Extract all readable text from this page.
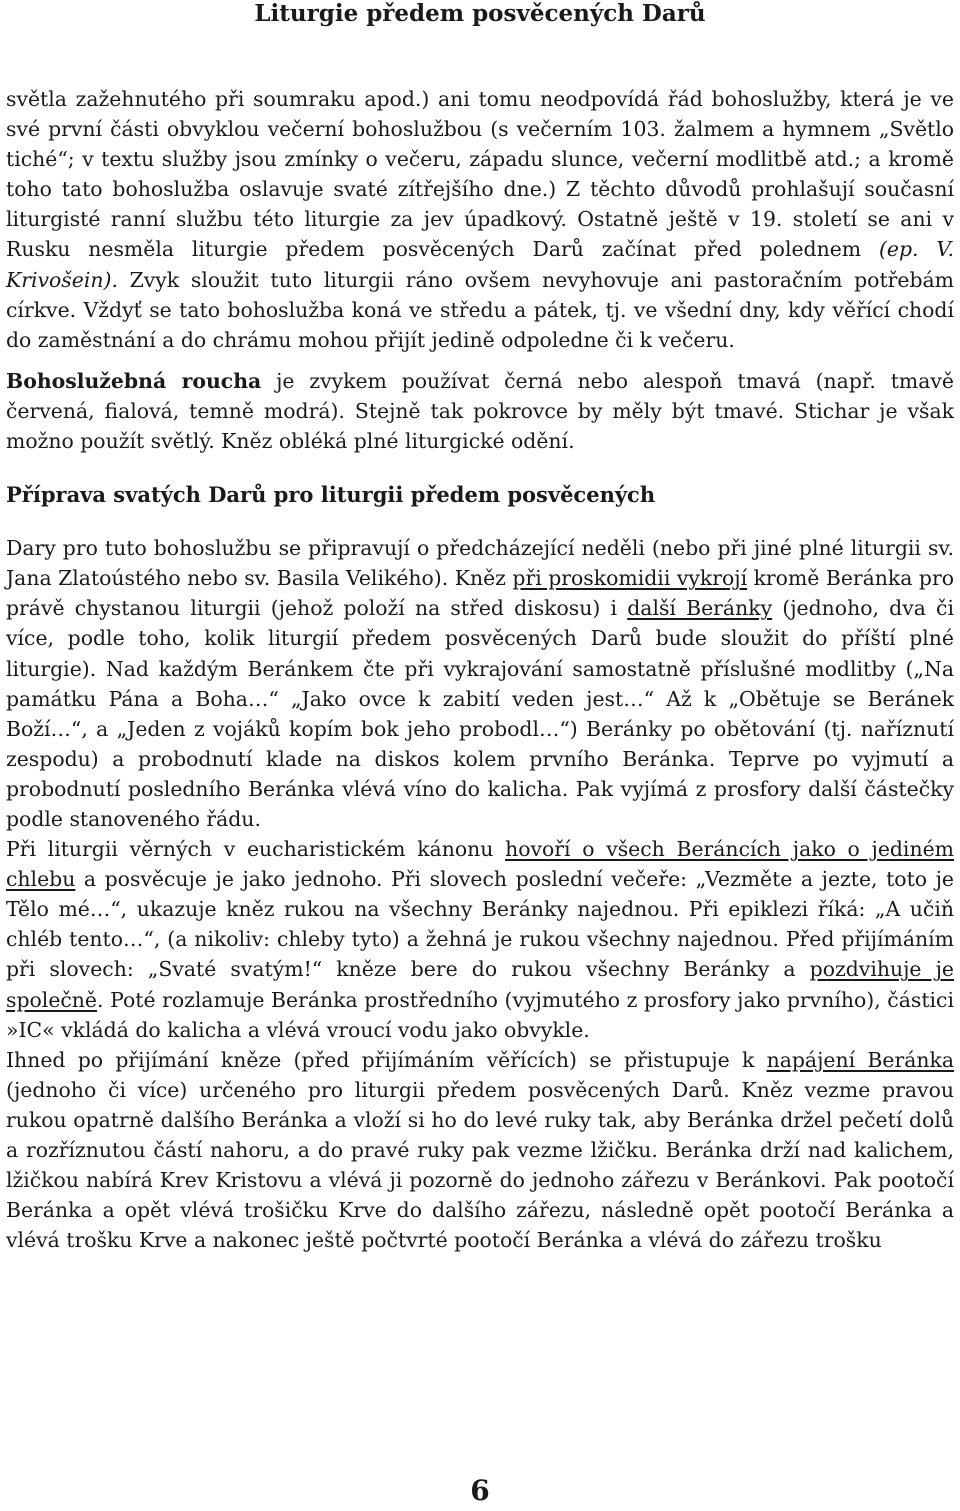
Liturgie předem posvěcených Darů

světla zažehnutého při soumraku apod.) ani tomu neodpovídá řád bohoslužby, která je ve své první části obvyklou večerní bohoslužbou (s večerním 103. žalmem a hymnem „Světlo tiché“; v textu služby jsou zmínky o večeru, západu slunce, večerní modlitbě atd.; a kromě toho tato bohoslužba oslavuje svaté zítřejšího dne.) Z těchto důvodů prohlašují současní liturgisté ranní službu této liturgie za jev úpadkový. Ostatně ještě v 19. století se ani v Rusku nesměla liturgie předem posvěcených Darů začínat před polednem (ep. V. Krivošein). Zvyk sloužit tuto liturgii ráno ovšem nevyhovuje ani pastoračním potřebám církve. Vždyť se tato bohoslužba koná ve středu a pátek, tj. ve všední dny, kdy věřící chodí do zaměstnání a do chrámu mohou přijít jedině odpoledne či k večeru.

Bohoslužebná roucha je zvykem používat černá nebo alespoň tmavá (např. tmavě červená, fialová, temně modrá). Stejně tak pokrovce by měly být tmavé. Stichar je však možno použít světlý. Kněz obléká plné liturgické odění.

Příprava svatých Darů pro liturgii předem posvěcených

Dary pro tuto bohoslužbu se připravují o předcházející neděli (nebo při jiné plné liturgii sv. Jana Zlatoústého nebo sv. Basila Velikého). Kněz při proskomidii vykrojí kromě Beránka pro právě chystanou liturgii (jehož položí na střed diskosu) i další Beránky (jednoho, dva či více, podle toho, kolik liturgií předem posvěcených Darů bude sloužit do příští plné liturgie). Nad každým Beránkem čte při vykrajování samostatně příslušné modlitby („Na památku Pána a Boha…“ „Jako ovce k zabití veden jest…“ Až k „Obětuje se Beránek Boží…“, a „Jeden z vojáků kopím bok jeho probodl…“) Beránky po obětování (tj. naříznutí zespodu) a probodnutí klade na diskos kolem prvního Beránka. Teprve po vyjmutí a probodnutí posledního Beránka vlévá víno do kalicha. Pak vyjímá z prosfory další částečky podle stanoveného řádu.

Při liturgii věrných v eucharistickém kánonu hovoří o všech Beráncích jako o jediném chlebu a posvěcuje je jako jednoho. Při slovech poslední večeře: „Vezměte a jezte, toto je Tělo mé…“, ukazuje kněz rukou na všechny Beránky najednou. Při epiklezi říká: „A učiň chléb tento…“, (a nikoliv: chleby tyto) a žehná je rukou všechny najednou. Před přijímáním při slovech: „Svaté svatým!“ kněze bere do rukou všechny Beránky a pozdvihuje je společně. Poté rozlamuje Beránka prostředního (vyjmutého z prosfory jako prvního), částici »IC« vkládá do kalicha a vlévá vroucí vodu jako obvykle.

Ihned po přijímání kněze (před přijímáním věřících) se přistupuje k napájení Beránka (jednoho či více) určeného pro liturgii předem posvěcených Darů. Kněz vezme pravou rukou opatrně dalšího Beránka a vloží si ho do levé ruky tak, aby Beránka držel pečetí dolů a rozříznutou částí nahoru, a do pravé ruky pak vezme lžičku. Beránka drží nad kalichem, lžičkou nabírá Krev Kristovu a vlévá ji pozorně do jednoho zářezu v Beránkovi. Pak pootočí Beránka a opět vlévá trošičku Krve do dalšího zářezu, následně opět pootočí Beránka a vlévá trošku Krve a nakonec ještě počtvrté pootočí Beránka a vlévá do zářezu trošku

6
